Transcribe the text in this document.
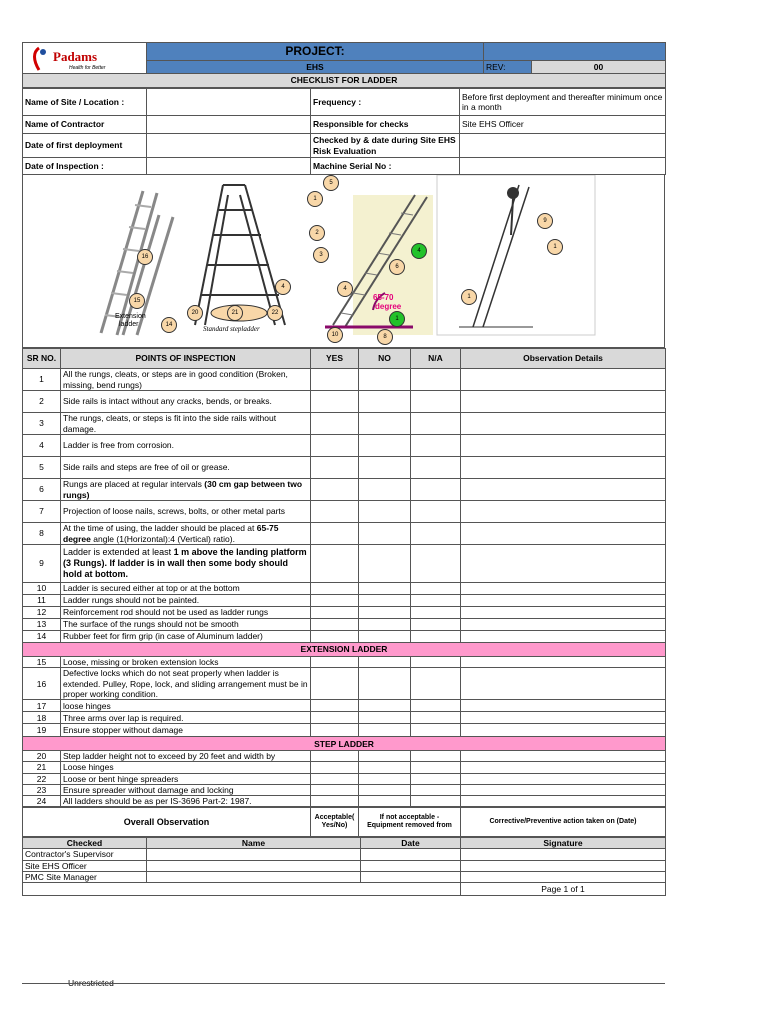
Padams
Health for Better	PROJECT:		
	EHS	REV:	00
CHECKLIST FOR LADDER			
Name of Site / Location :		Frequency :	Before first deployment and thereafter minimum once in a month
Name of Contractor		Responsible for checks	Site EHS Officer
Date of first deployment		Checked by & date during Site EHS Risk Evaluation	
Date of Inspection :		Machine Serial No :	
Extension
ladder
Standard stepladder
65-70
degree
16
15
14
20	21	22
4
1
2
3
5
4
6
4
10	8
1
9
1
1
SR NO.	POINTS OF INSPECTION	YES	NO	N/A	Observation Details
1	All the rungs, cleats, or steps are in good condition (Broken, missing, bend rungs)				
2	Side rails is intact without any cracks, bends, or breaks.				
3	The rungs, cleats, or steps is fit into the side rails without damage.				
4	Ladder is free from corrosion.				
5	Side rails and steps are free of oil or grease.				
6	Rungs are placed at regular intervals (30 cm gap between two rungs)				
7	Projection of loose nails, screws, bolts, or other metal parts				
8	At the time of using, the ladder should be placed at 65-75 degree angle (1(Horizontal):4 (Vertical) ratio).				
9	Ladder is extended at least 1 m above the landing platform (3 Rungs). If ladder is in wall then some body should hold at bottom.				
10	Ladder is secured either at top or at the bottom				
11	Ladder rungs should not be painted.				
12	Reinforcement rod should not be used as ladder rungs				
13	The surface of the rungs should not be smooth				
14	Rubber feet for firm grip (in case of Aluminum ladder)				
EXTENSION LADDER					
15	Loose, missing or broken extension locks				
16	Defective locks which do not seat properly when ladder is extended. Pulley, Rope, lock, and sliding arrangement must be in proper working condition.				
17	loose hinges				
18	Three arms over lap is required.				
19	Ensure stopper without damage				
STEP LADDER					
20	Step ladder height not to exceed by 20 feet and width by				
21	Loose hinges				
22	Loose or bent hinge spreaders				
23	Ensure spreader without damage and locking				
24	All ladders should be as per IS-3696 Part-2: 1987.				
Overall Observation	Acceptable( Yes/No)	If not acceptable - Equipment removed from	Corrective/Preventive action taken on (Date)
Checked	Name	Date	Signature
Contractor's Supervisor			
Site EHS Officer			
PMC Site Manager			
			Page 1 of 1
Unrestricted
